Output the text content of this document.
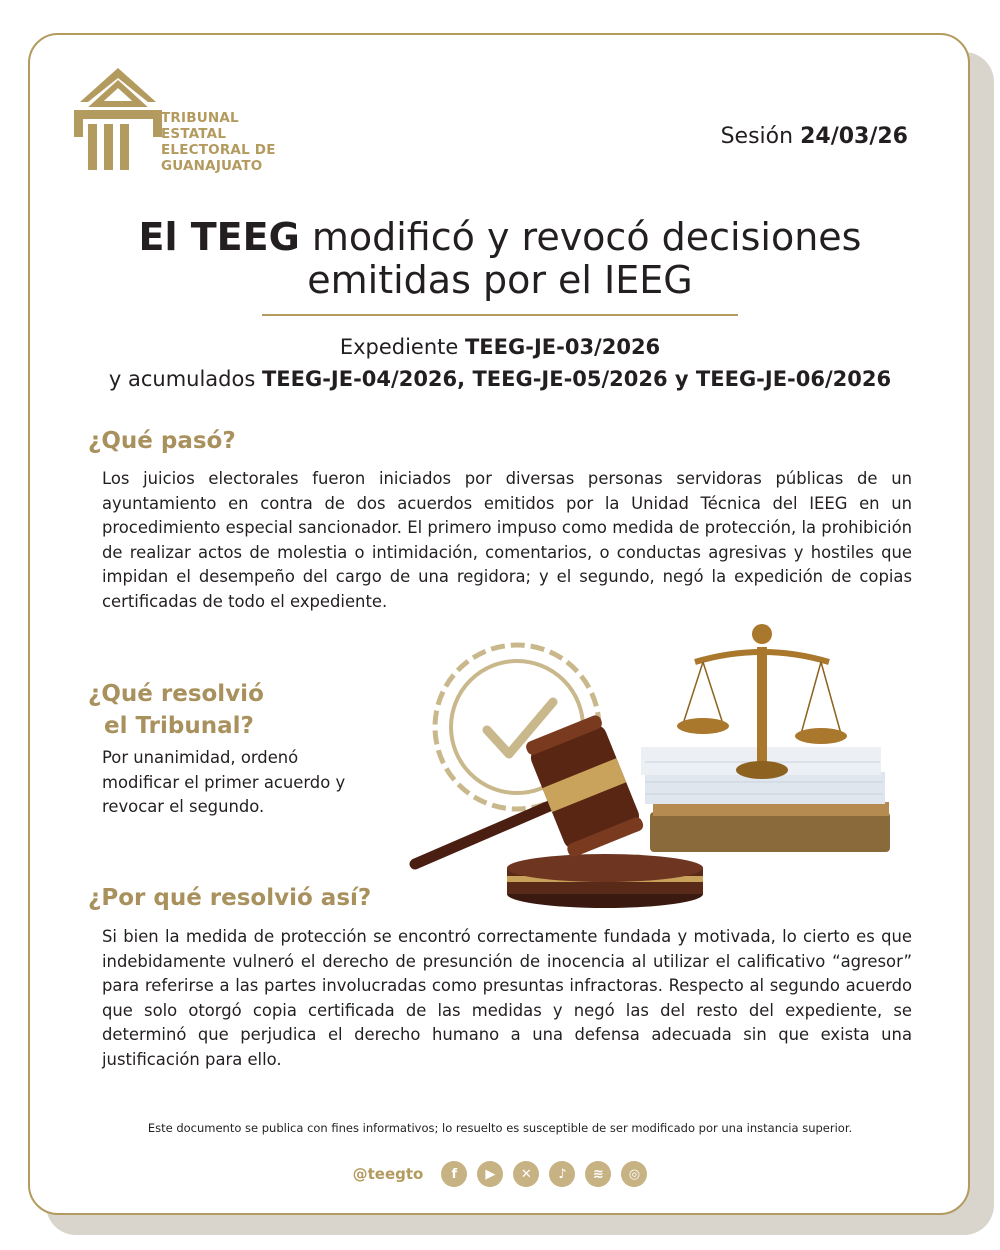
TRIBUNAL
ESTATAL
ELECTORAL DE
GUANAJUATO
Sesión 24/03/26
El TEEG modificó y revocó decisiones
emitidas por el IEEG
Expediente TEEG-JE-03/2026
y acumulados TEEG-JE-04/2026, TEEG-JE-05/2026 y TEEG-JE-06/2026
¿Qué pasó?
Los juicios electorales fueron iniciados por diversas personas servidoras públicas de un ayuntamiento en contra de dos acuerdos emitidos por la Unidad Técnica del IEEG en un procedimiento especial sancionador. El primero impuso como medida de protección, la prohibición de realizar actos de molestia o intimidación, comentarios, o conductas agresivas y hostiles que impidan el desempeño del cargo de una regidora; y el segundo, negó la expedición de copias certificadas de todo el expediente.
¿Qué resolvió
el Tribunal?
Por unanimidad, ordenó modificar el primer acuerdo y revocar el segundo.
¿Por qué resolvió así?
Si bien la medida de protección se encontró correctamente fundada y motivada, lo cierto es que indebidamente vulneró el derecho de presunción de inocencia al utilizar el calificativo “agresor” para referirse a las partes involucradas como presuntas infractoras. Respecto al segundo acuerdo que solo otorgó copia certificada de las medidas y negó las del resto del expediente, se determinó que perjudica el derecho humano a una defensa adecuada sin que exista una justificación para ello.
Este documento se publica con fines informativos; lo resuelto es susceptible de ser modificado por una instancia superior.
@teegto	f	▶	✕	♪	≋	◎
